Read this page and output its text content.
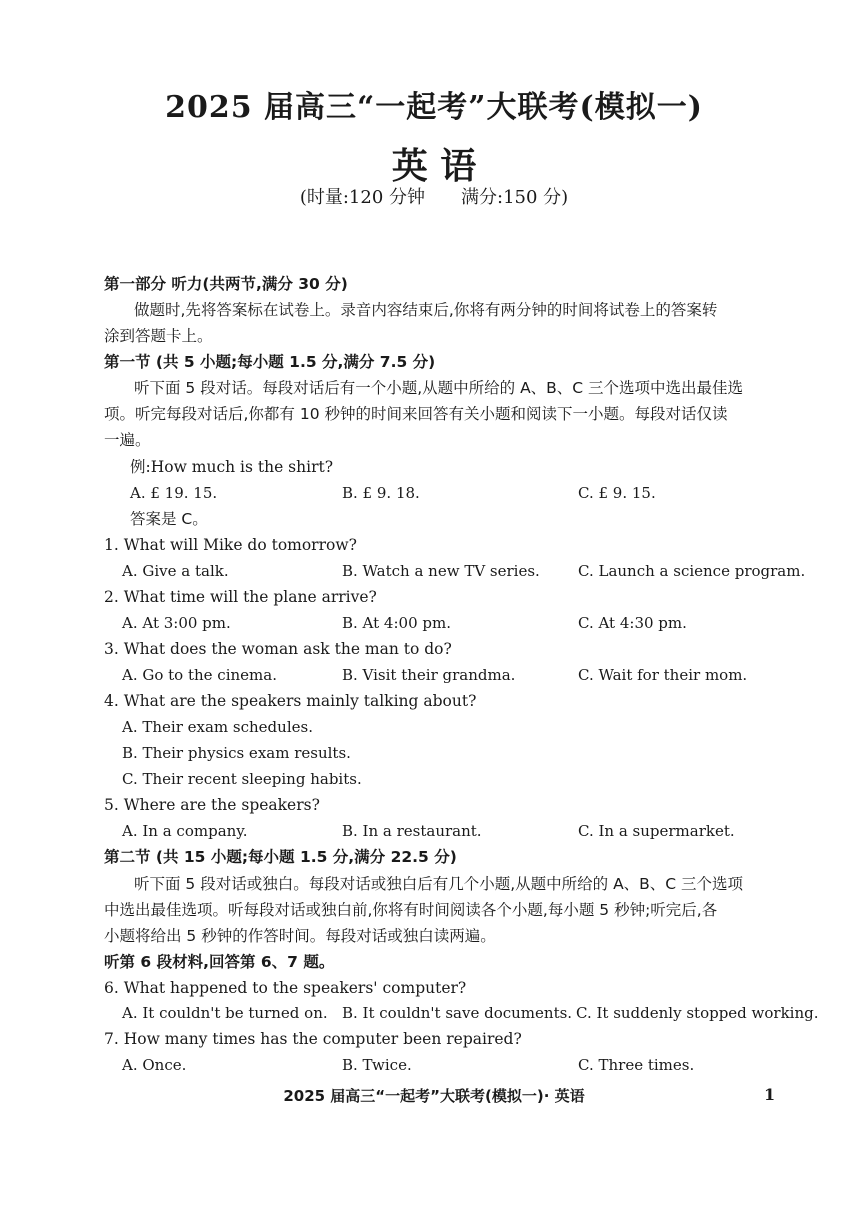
2025 届高三“一起考”大联考(模拟一)
英 语
(时量:120 分钟 满分:150 分)
第一部分 听力(共两节,满分 30 分)
做题时,先将答案标在试卷上。录音内容结束后,你将有两分钟的时间将试卷上的答案转
涂到答题卡上。
第一节 (共 5 小题;每小题 1.5 分,满分 7.5 分)
听下面 5 段对话。每段对话后有一个小题,从题中所给的 A、B、C 三个选项中选出最佳选
项。听完每段对话后,你都有 10 秒钟的时间来回答有关小题和阅读下一小题。每段对话仅读
一遍。
例:How much is the shirt?
A. £ 19. 15.	B. £ 9. 18.	C. £ 9. 15.
答案是 C。
1. What will Mike do tomorrow?
A. Give a talk.	B. Watch a new TV series.	C. Launch a science program.
2. What time will the plane arrive?
A. At 3:00 pm.	B. At 4:00 pm.	C. At 4:30 pm.
3. What does the woman ask the man to do?
A. Go to the cinema.	B. Visit their grandma.	C. Wait for their mom.
4. What are the speakers mainly talking about?
A. Their exam schedules.
B. Their physics exam results.
C. Their recent sleeping habits.
5. Where are the speakers?
A. In a company.	B. In a restaurant.	C. In a supermarket.
第二节 (共 15 小题;每小题 1.5 分,满分 22.5 分)
听下面 5 段对话或独白。每段对话或独白后有几个小题,从题中所给的 A、B、C 三个选项
中选出最佳选项。听每段对话或独白前,你将有时间阅读各个小题,每小题 5 秒钟;听完后,各
小题将给出 5 秒钟的作答时间。每段对话或独白读两遍。
听第 6 段材料,回答第 6、7 题。
6. What happened to the speakers' computer?
A. It couldn't be turned on. B. It couldn't save documents. C. It suddenly stopped working.
7. How many times has the computer been repaired?
A. Once.	B. Twice.	C. Three times.
2025 届高三“一起考”大联考(模拟一)· 英语	1
